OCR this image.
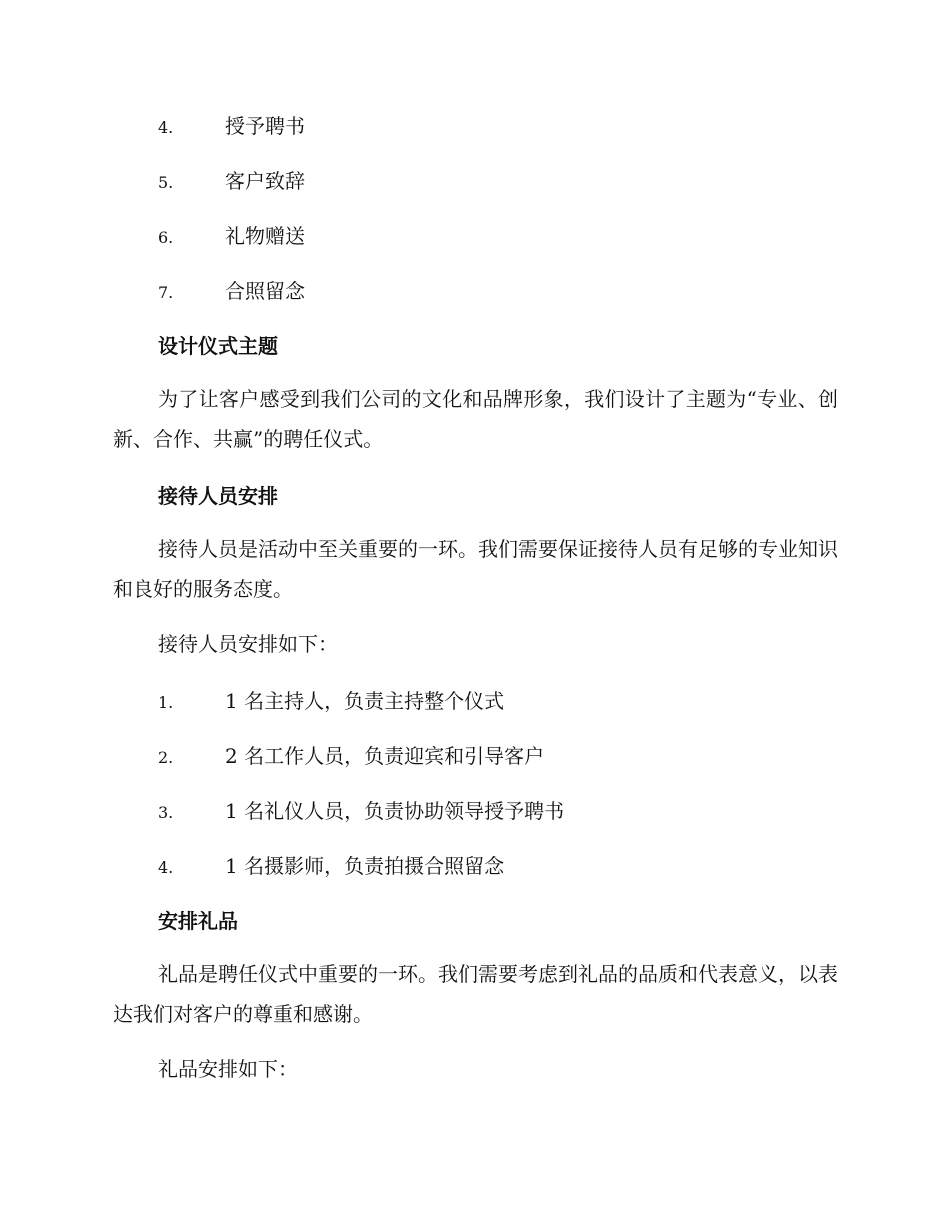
4.	授予聘书
5.	客户致辞
6.	礼物赠送
7.	合照留念
设计仪式主题

为了让客户感受到我们公司的文化和品牌形象，我们设计了主题为“专业、创新、合作、共赢”的聘任仪式。

接待人员安排

接待人员是活动中至关重要的一环。我们需要保证接待人员有足够的专业知识和良好的服务态度。

接待人员安排如下：

1.	1 名主持人，负责主持整个仪式
2.	2 名工作人员，负责迎宾和引导客户
3.	1 名礼仪人员，负责协助领导授予聘书
4.	1 名摄影师，负责拍摄合照留念
安排礼品

礼品是聘任仪式中重要的一环。我们需要考虑到礼品的品质和代表意义，以表达我们对客户的尊重和感谢。

礼品安排如下：
